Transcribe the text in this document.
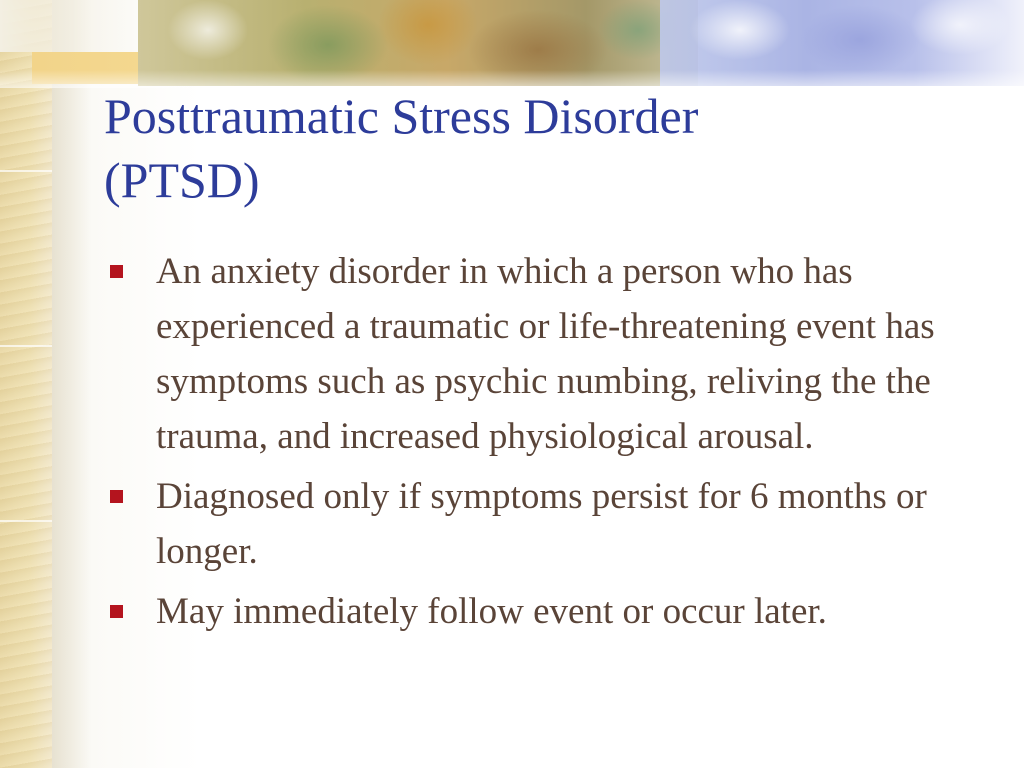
Posttraumatic Stress Disorder
(PTSD)
An anxiety disorder in which a person who has experienced a traumatic or life-threatening event has symptoms such as psychic numbing, reliving the the trauma, and increased physiological arousal.
Diagnosed only if symptoms persist for 6 months or longer.
May immediately follow event or occur later.
